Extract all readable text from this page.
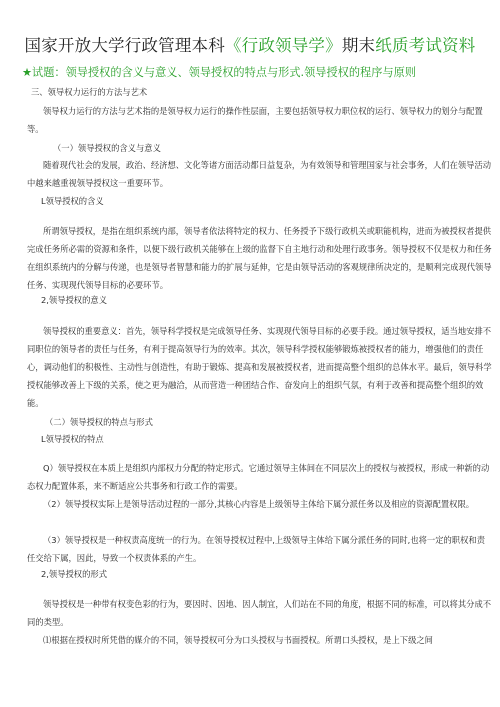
国家开放大学行政管理本科《行政领导学》期末纸质考试资料
★试题：领导授权的含义与意义、领导授权的特点与形式.领导授权的程序与原则
三、领导权力运行的方法与艺术
领导权力运行的方法与艺术指的是领导权力运行的操作性层面，主要包括领导权力职位权的运行、领导权力的划分与配置等。
（一）领导授权的含义与意义
随着现代社会的发展，政治、经济想、文化等诸方面活动都日益复杂，为有效领导和管理国家与社会事务，人们在领导活动中越来越重视领导授权这一重要环节。
L领导授权的含义
所谓领导授权，是指在组织系统内部，领导者依法将特定的权力、任务授予下级行政机关或职能机构，进而为被授权者提供完成任务所必需的资源和条件，以便下级行政机关能够在上级的监督下自主地行动和处理行政事务。领导授权不仅是权力和任务在组织系统内的分解与传递，也是领导者智慧和能力的扩展与延伸，它是由领导活动的客观规律所决定的，是顺利完成现代领导任务、实现现代领导目标的必要环节。
2,领导授权的意义
领导授权的重要意义：首先，领导科学授权是完成领导任务、实现现代领导目标的必要手段。通过领导授权，适当地安排不同职位的领导者的责任与任务，有利于提高领导行为的效率。其次，领导科学授权能够锻炼被授权者的能力，增强他们的责任心，调动他们的积极性、主动性与创造性，有助于锻炼、提高和发展被授权者，进而提高整个组织的总体水平。最后，领导科学授权能够改善上下级的关系，使之更为融洽，从而营造一种团结合作、奋发向上的组织气氛，有利于改善和提高整个组织的效能。
（二）领导授权的特点与形式
L领导授权的特点
Q）领导授权在本质上是组织内部权力分配的特定形式。它通过领导主体间在不同层次上的授权与被授权，形成一种新的动态权力配置体系，来不断适应公共事务和行政工作的需要。
（2）领导授权实际上是领导活动过程的一部分,其核心内容是上级领导主体给下属分派任务以及相应的资源配置权限。
（3）领导授权是一种权责高度统一的行为。在领导授权过程中,上级领导主体给下属分派任务的同时,也将一定的职权和责任交给下属，因此，导致一个权责体系的产生。
2,领导授权的形式
领导授权是一种带有权变色彩的行为，要因时、因地、因人制宜，人们站在不同的角度，根据不同的标准，可以将其分成不同的类型。
⑴根据在授权时所凭借的媒介的不同，领导授权可分为口头授权与书面授权。所谓口头授权，是上下级之间
